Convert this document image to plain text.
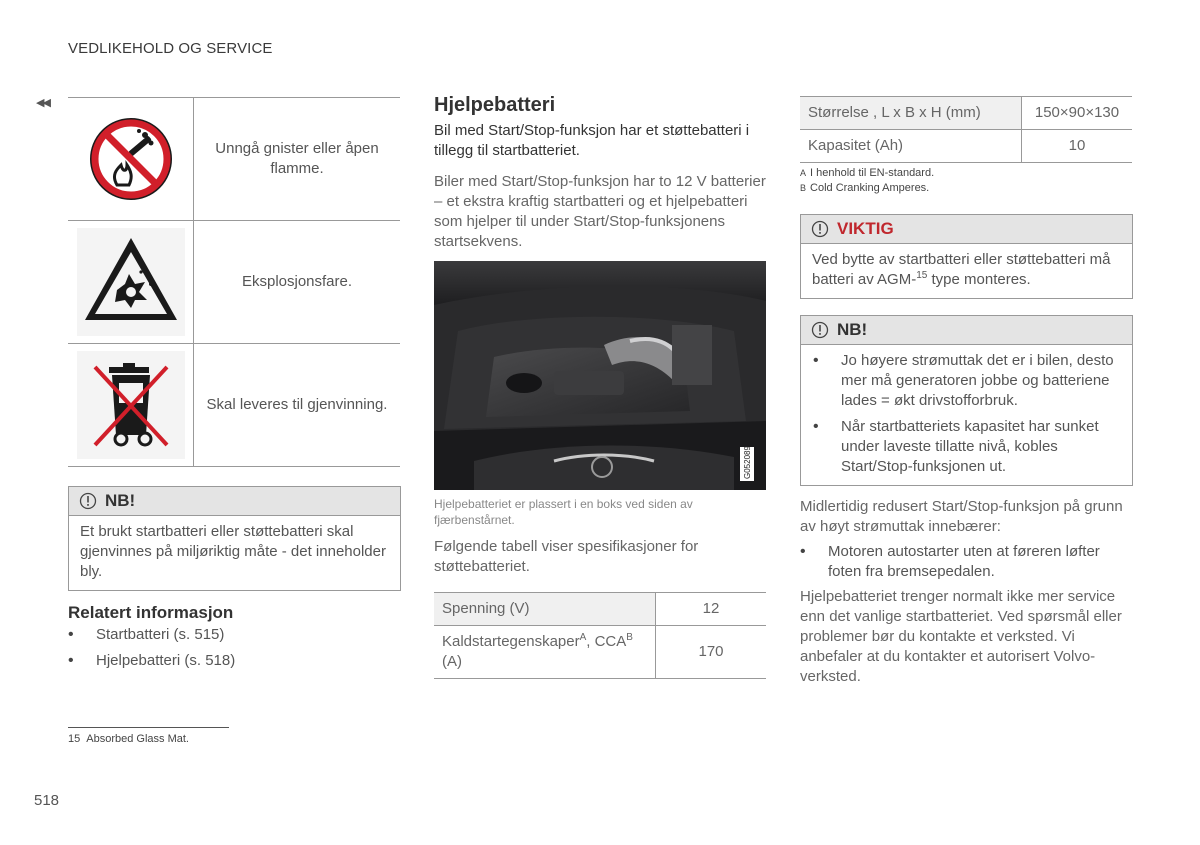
VEDLIKEHOLD OG SERVICE
◀◀
	Unngå gnister eller åpen flamme.

	Eksplosjonsfare.

	Skal leveres til gjenvinning.
NB!
Et brukt startbatteri eller støttebatteri skal gjenvinnes på miljøriktig måte - det inneholder bly.
Relatert informasjon
• Startbatteri (s. 515)
• Hjelpebatteri (s. 518)
Hjelpebatteri
Bil med Start/Stop-funksjon har et støttebatteri i tillegg til startbatteriet.
Biler med Start/Stop-funksjon har to 12 V batterier – et ekstra kraftig startbatteri og et hjelpebatteri som hjelper til under Start/Stop-funksjonens startsekvens.
G052089
Hjelpebatteriet er plassert i en boks ved siden av fjærbenstårnet.
Følgende tabell viser spesifikasjoner for støttebatteriet.
Spenning (V)	12
Kaldstartegenskaper$^A$, $CCA^B$
(A)	170
Størrelse , L x B x H (mm)	150×90×130
Kapasitet (Ah)	10
A I henhold til EN-standard.
B Cold Cranking Amperes.
VIKTIG
Ved bytte av startbatteri eller støttebatteri må batteri av AGM-$^{15}$ type monteres.
NB!
• Jo høyere strømuttak det er i bilen, desto mer må generatoren jobbe og batteriene lades = økt drivstofforbruk.
• Når startbatteriets kapasitet har sunket under laveste tillatte nivå, kobles Start/Stop-funksjonen ut.
Midlertidig redusert Start/Stop-funksjon på grunn av høyt strømuttak innebærer:
• Motoren autostarter uten at føreren løfter foten fra bremsepedalen.
Hjelpebatteriet trenger normalt ikke mer service enn det vanlige startbatteriet. Ved spørsmål eller problemer bør du kontakte et verksted. Vi anbefaler at du kontakter et autorisert Volvo-verksted.
15 Absorbed Glass Mat.
518
